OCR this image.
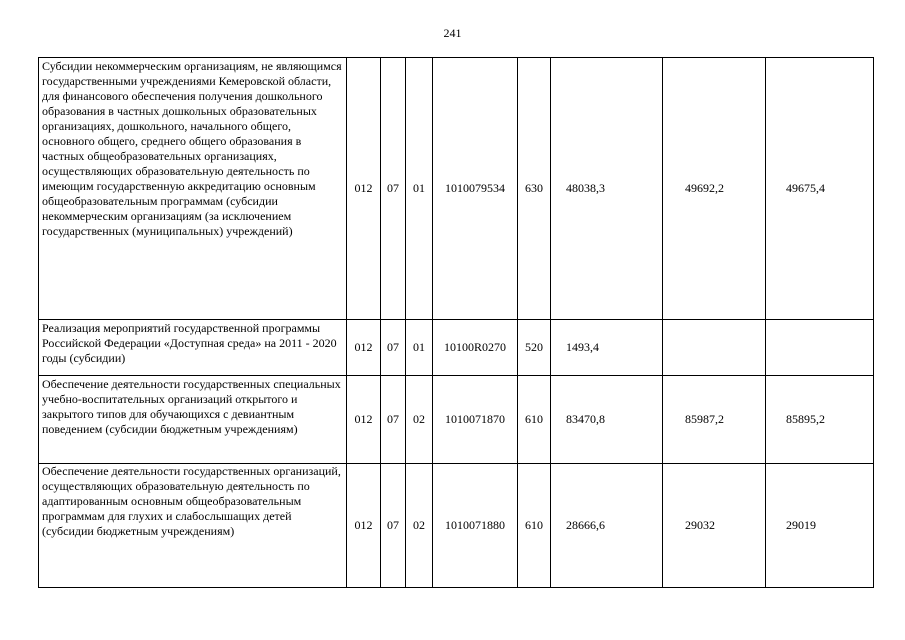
241
Субсидии некоммерческим организациям, не являющимся государственными учреждениями Кемеровской области, для финансового обеспечения получения дошкольного образования в частных дошкольных образовательных организациях, дошкольного, начального общего, основного общего, среднего общего образования в частных общеобразовательных организациях, осуществляющих образовательную деятельность по имеющим государственную аккредитацию основным общеобразовательным программам (субсидии некоммерческим организациям (за исключением государственных (муниципальных) учреждений)	012	07	01	1010079534	630	48038,3	49692,2	49675,4
Реализация мероприятий государственной программы Российской Федерации «Доступная среда» на 2011 - 2020 годы (субсидии)	012	07	01	10100R0270	520	1493,4		
Обеспечение деятельности государственных специальных учебно-воспитательных организаций открытого и закрытого типов для обучающихся с девиантным поведением (субсидии бюджетным учреждениям)	012	07	02	1010071870	610	83470,8	85987,2	85895,2
Обеспечение деятельности государственных организаций, осуществляющих образовательную деятельность по адаптированным основным общеобразовательным программам для глухих и слабослышащих детей (субсидии бюджетным учреждениям)	012	07	02	1010071880	610	28666,6	29032	29019
